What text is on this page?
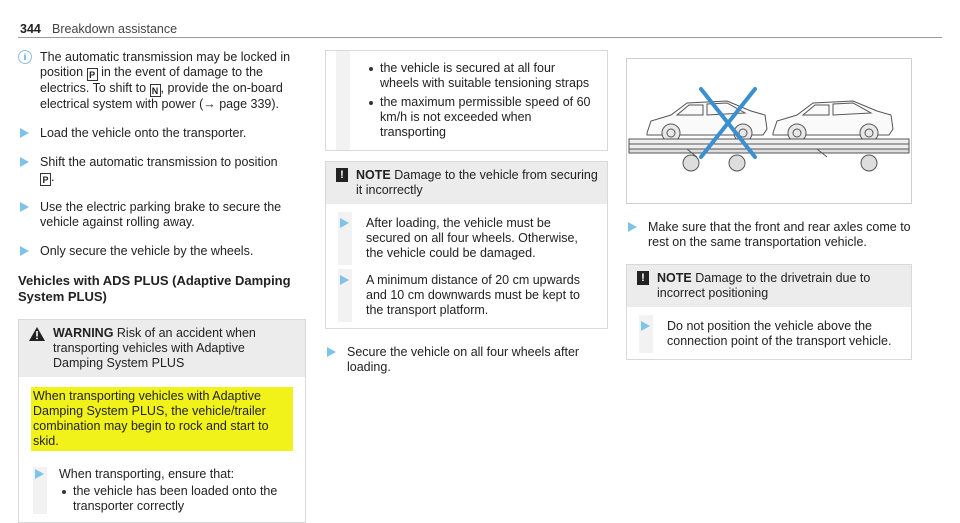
344 Breakdown assistance
i	The automatic transmission may be locked in position P in the event of damage to the electrics. To shift to N , provide the on-board electrical system with power (→ page 339).
Load the vehicle onto the transporter.
Shift the automatic transmission to position
P .
Use the electric parking brake to secure the vehicle against rolling away.
Only secure the vehicle by the wheels.
Vehicles with ADS PLUS (Adaptive Damping System PLUS)
WARNING Risk of an accident when transporting vehicles with Adaptive Damping System PLUS
When transporting vehicles with Adaptive Damping System PLUS, the vehicle/trailer combination may begin to rock and start to skid.
When transporting, ensure that:
the vehicle has been loaded onto the transporter correctly
the vehicle is secured at all four wheels with suitable tensioning straps
the maximum permissible speed of 60 km/h is not exceeded when transporting
! NOTE Damage to the vehicle from securing it incorrectly
After loading, the vehicle must be secured on all four wheels. Otherwise, the vehicle could be damaged.
A minimum distance of 20 cm upwards and 10 cm downwards must be kept to the transport platform.
Secure the vehicle on all four wheels after loading.
Make sure that the front and rear axles come to rest on the same transportation vehicle.
! NOTE Damage to the drivetrain due to incorrect positioning
Do not position the vehicle above the connection point of the transport vehicle.
